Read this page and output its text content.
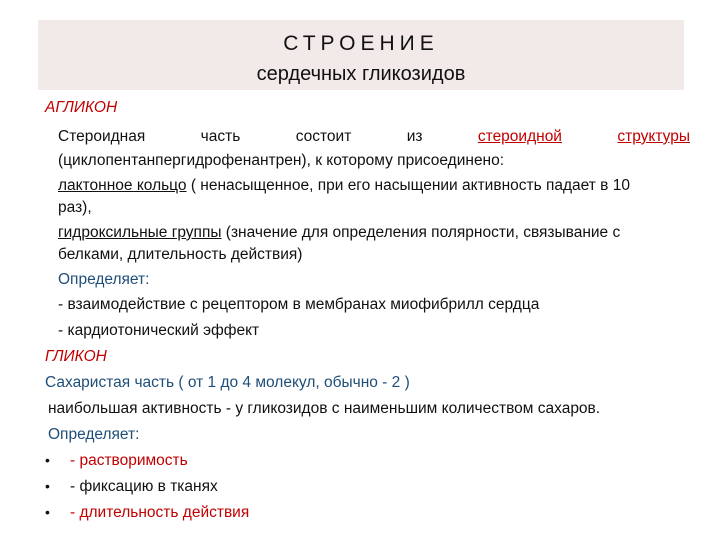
СТРОЕНИЕ
сердечных гликозидов
АГЛИКОН
Стероидная	часть	состоит	из	стероидной	структуры
(циклопентанпергидрофенантрен), к которому присоединено:
лактонное кольцо ( ненасыщенное, при его насыщении активность падает в 10
раз),
гидроксильные группы (значение для определения полярности, связывание с
белками, длительность действия)
Определяет:
- взаимодействие с рецептором в мембранах миофибрилл сердца
- кардиотонический эффект
ГЛИКОН
Сахаристая часть ( от 1 до 4 молекул, обычно - 2 )
наибольшая активность - у гликозидов с наименьшим количеством сахаров.
Определяет:
• - растворимость
• - фиксацию в тканях
• - длительность действия
